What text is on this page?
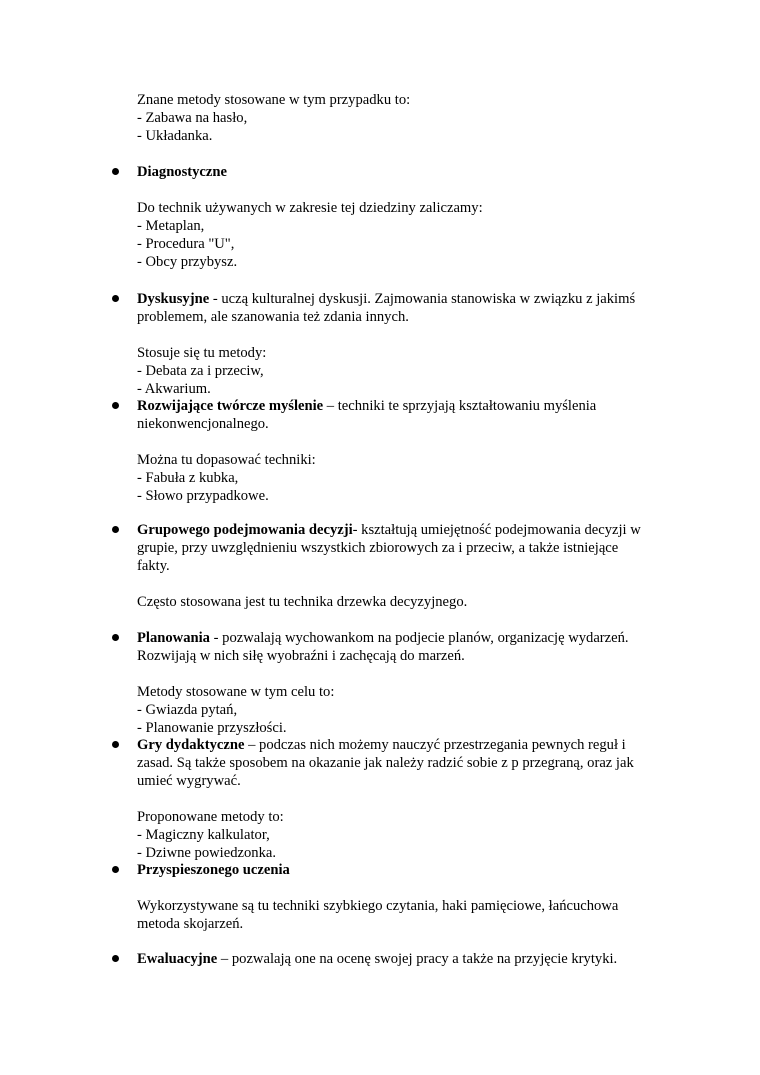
Znane metody stosowane w tym przypadku to:
- Zabawa na hasło,
- Układanka.
Diagnostyczne
Do technik używanych w zakresie tej dziedziny zaliczamy:
- Metaplan,
- Procedura "U",
- Obcy przybysz.
Dyskusyjne - uczą kulturalnej dyskusji. Zajmowania stanowiska w związku z jakimś
problemem, ale szanowania też zdania innych.
Stosuje się tu metody:
- Debata za i przeciw,
- Akwarium.
Rozwijające twórcze myślenie – techniki te sprzyjają kształtowaniu myślenia
niekonwencjonalnego.
Można tu dopasować techniki:
- Fabuła z kubka,
- Słowo przypadkowe.
Grupowego podejmowania decyzji- kształtują umiejętność podejmowania decyzji w
grupie, przy uwzględnieniu wszystkich zbiorowych za i przeciw, a także istniejące
fakty.
Często stosowana jest tu technika drzewka decyzyjnego.
Planowania - pozwalają wychowankom na podjecie planów, organizację wydarzeń.
Rozwijają w nich siłę wyobraźni i zachęcają do marzeń.
Metody stosowane w tym celu to:
- Gwiazda pytań,
- Planowanie przyszłości.
Gry dydaktyczne – podczas nich możemy nauczyć przestrzegania pewnych reguł i
zasad. Są także sposobem na okazanie jak należy radzić sobie z p przegraną, oraz jak
umieć wygrywać.
Proponowane metody to:
- Magiczny kalkulator,
- Dziwne powiedzonka.
Przyspieszonego uczenia
Wykorzystywane są tu techniki szybkiego czytania, haki pamięciowe, łańcuchowa
metoda skojarzeń.
Ewaluacyjne – pozwalają one na ocenę swojej pracy a także na przyjęcie krytyki.
